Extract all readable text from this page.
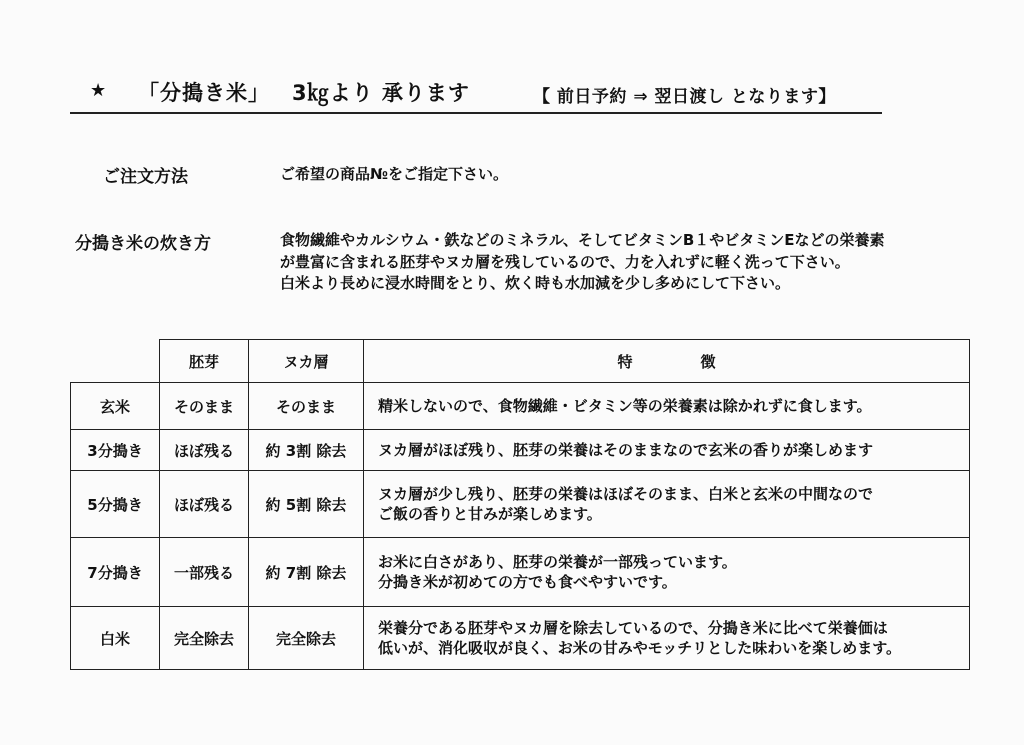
★ 「分搗き米」 3㎏より 承ります	【 前日予約 ⇒ 翌日渡し となります】
ご注文方法	ご希望の商品№をご指定下さい。
分搗き米の炊き方	食物繊維やカルシウム・鉄などのミネラル、そしてビタミンB１やビタミンEなどの栄養素
が豊富に含まれる胚芽やヌカ層を残しているので、力を入れずに軽く洗って下さい。
白米より長めに浸水時間をとり、炊く時も水加減を少し多めにして下さい。
	胚芽	ヌカ層	特 徴
玄米	そのまま	そのまま	精米しないので、食物繊維・ビタミン等の栄養素は除かれずに食します。

3分搗き	ほぼ残る	約 3割 除去	ヌカ層がほぼ残り、胚芽の栄養はそのままなので玄米の香りが楽しめます

5分搗き	ほぼ残る	約 5割 除去	ヌカ層が少し残り、胚芽の栄養はほぼそのまま、白米と玄米の中間なので
ご飯の香りと甘みが楽しめます。

7分搗き	一部残る	約 7割 除去	お米に白さがあり、胚芽の栄養が一部残っています。
分搗き米が初めての方でも食べやすいです。

白米	完全除去	完全除去	栄養分である胚芽やヌカ層を除去しているので、分搗き米に比べて栄養価は
低いが、消化吸収が良く、お米の甘みやモッチリとした味わいを楽しめます。
